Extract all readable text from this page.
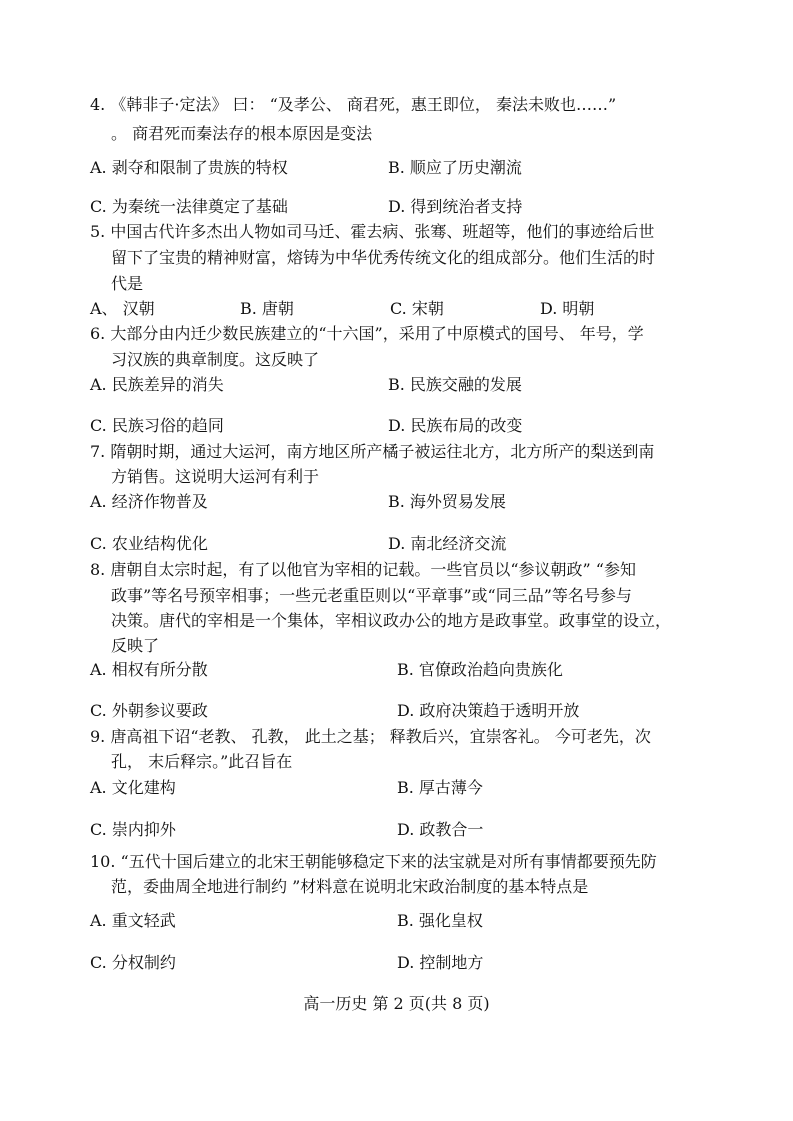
4. 《韩非子·定法》 曰： “及孝公、 商君死，惠王即位， 秦法未败也……”
。 商君死而秦法存的根本原因是变法
A. 剥夺和限制了贵族的特权	B. 顺应了历史潮流
C. 为秦统一法律奠定了基础	D. 得到统治者支持
5. 中国古代许多杰出人物如司马迁、霍去病、张骞、班超等，他们的事迹给后世
留下了宝贵的精神财富，熔铸为中华优秀传统文化的组成部分。他们生活的时
代是
A、 汉朝	B. 唐朝	C. 宋朝	D. 明朝
6. 大部分由内迁少数民族建立的“十六国”，采用了中原模式的国号、 年号，学
习汉族的典章制度。这反映了
A. 民族差异的消失	B. 民族交融的发展
C. 民族习俗的趋同	D. 民族布局的改变
7. 隋朝时期，通过大运河，南方地区所产橘子被运往北方，北方所产的梨送到南
方销售。这说明大运河有利于
A. 经济作物普及	B. 海外贸易发展
C. 农业结构优化	D. 南北经济交流
8. 唐朝自太宗时起，有了以他官为宰相的记载。一些官员以“参议朝政” “参知
政事”等名号预宰相事；一些元老重臣则以“平章事”或“同三品”等名号参与
决策。唐代的宰相是一个集体，宰相议政办公的地方是政事堂。政事堂的设立，
反映了
A. 相权有所分散	B. 官僚政治趋向贵族化
C. 外朝参议要政	D. 政府决策趋于透明开放
9. 唐高祖下诏“老教、 孔教， 此土之基； 释教后兴，宜崇客礼。 今可老先，次
孔， 末后释宗。”此召旨在
A. 文化建构	B. 厚古薄今
C. 崇内抑外	D. 政教合一
10. “五代十国后建立的北宋王朝能够稳定下来的法宝就是对所有事情都要预先防
范，委曲周全地进行制约 ”材料意在说明北宋政治制度的基本特点是
A. 重文轻武	B. 强化皇权
C. 分权制约	D. 控制地方
高一历史 第 2 页(共 8 页)
